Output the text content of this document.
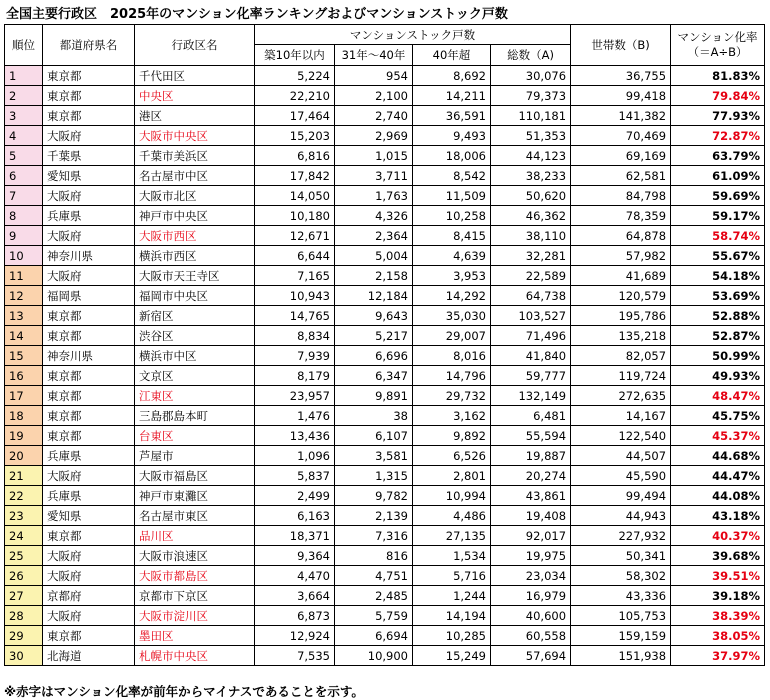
全国主要行政区　2025年のマンション化率ランキングおよびマンションストック戸数
順位	都道府県名	行政区名	マンションストック戸数				世帯数（B)	マンション化率
（＝A÷B）
			築10年以内	31年～40年	40年超	総数（A)		
1	東京都	千代田区	5,224	954	8,692	30,076	36,755	81.83%
2	東京都	中央区	22,210	2,100	14,211	79,373	99,418	79.84%
3	東京都	港区	17,464	2,740	36,591	110,181	141,382	77.93%
4	大阪府	大阪市中央区	15,203	2,969	9,493	51,353	70,469	72.87%
5	千葉県	千葉市美浜区	6,816	1,015	18,006	44,123	69,169	63.79%
6	愛知県	名古屋市中区	17,842	3,711	8,542	38,233	62,581	61.09%
7	大阪府	大阪市北区	14,050	1,763	11,509	50,620	84,798	59.69%
8	兵庫県	神戸市中央区	10,180	4,326	10,258	46,362	78,359	59.17%
9	大阪府	大阪市西区	12,671	2,364	8,415	38,110	64,878	58.74%
10	神奈川県	横浜市西区	6,644	5,004	4,639	32,281	57,982	55.67%
11	大阪府	大阪市天王寺区	7,165	2,158	3,953	22,589	41,689	54.18%
12	福岡県	福岡市中央区	10,943	12,184	14,292	64,738	120,579	53.69%
13	東京都	新宿区	14,765	9,643	35,030	103,527	195,786	52.88%
14	東京都	渋谷区	8,834	5,217	29,007	71,496	135,218	52.87%
15	神奈川県	横浜市中区	7,939	6,696	8,016	41,840	82,057	50.99%
16	東京都	文京区	8,179	6,347	14,796	59,777	119,724	49.93%
17	東京都	江東区	23,957	9,891	29,732	132,149	272,635	48.47%
18	東京都	三島郡島本町	1,476	38	3,162	6,481	14,167	45.75%
19	東京都	台東区	13,436	6,107	9,892	55,594	122,540	45.37%
20	兵庫県	芦屋市	1,096	3,581	6,526	19,887	44,507	44.68%
21	大阪府	大阪市福島区	5,837	1,315	2,801	20,274	45,590	44.47%
22	兵庫県	神戸市東灘区	2,499	9,782	10,994	43,861	99,494	44.08%
23	愛知県	名古屋市東区	6,163	2,139	4,486	19,408	44,943	43.18%
24	東京都	品川区	18,371	7,316	27,135	92,017	227,932	40.37%
25	大阪府	大阪市浪速区	9,364	816	1,534	19,975	50,341	39.68%
26	大阪府	大阪市都島区	4,470	4,751	5,716	23,034	58,302	39.51%
27	京都府	京都市下京区	3,664	2,485	1,244	16,979	43,336	39.18%
28	大阪府	大阪市淀川区	6,873	5,759	14,194	40,600	105,753	38.39%
29	東京都	墨田区	12,924	6,694	10,285	60,558	159,159	38.05%
30	北海道	札幌市中央区	7,535	10,900	15,249	57,694	151,938	37.97%
※赤字はマンション化率が前年からマイナスであることを示す。
